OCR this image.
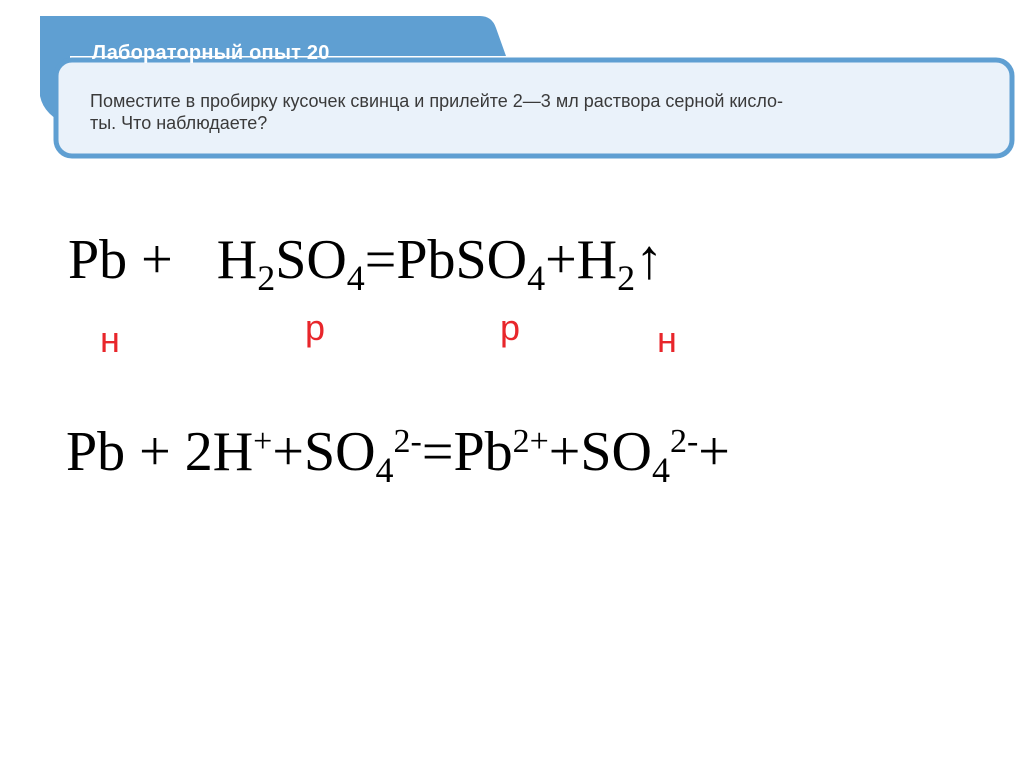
Лабораторный опыт 20
Поместите в пробирку кусочек свинца и прилейте 2—3 мл раствора серной кисло-
ты. Что наблюдаете?
$Pb + H_2SO_4=PbSO_4+H_2↑$
н	р	р	н
$Pb + 2H^++SO_4^{2-}=Pb^{2+}+SO_4^{2-}+$
